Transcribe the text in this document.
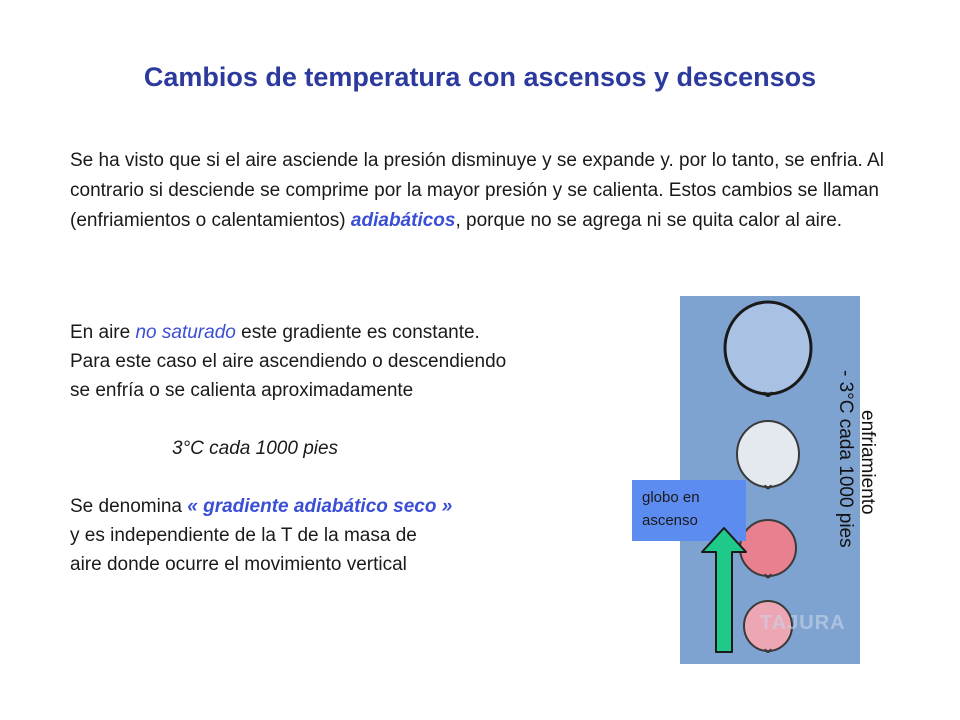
Cambios de temperatura con ascensos y descensos

Se ha visto que si el aire asciende la presión disminuye y se expande y. por lo tanto, se enfria. Al contrario si desciende se comprime por la mayor presión y se calienta. Estos cambios se llaman (enfriamientos o calentamientos) adiabáticos, porque no se agrega ni se quita calor al aire.

En aire no saturado este gradiente es constante.

Para este caso el aire ascendiendo o descendiendo

se enfría o se calienta aproximadamente

3°C cada 1000 pies

Se denomina « gradiente adiabático seco »

y es independiente de la T de la masa de

aire donde ocurre el movimiento vertical

TAJURA
enfriamiento
- 3°C cada 1000 pies
globo en ascenso
